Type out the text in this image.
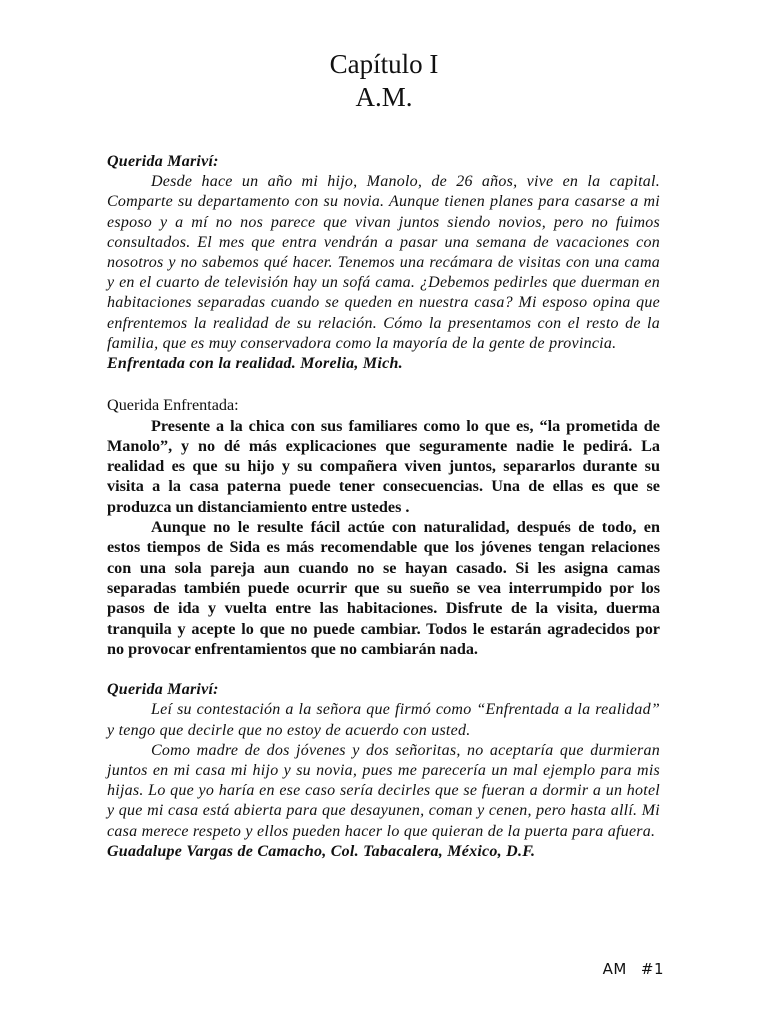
Capítulo I
A.M.
Querida Mariví:

Desde hace un año mi hijo, Manolo, de 26 años, vive en la capital. Comparte su departamento con su novia. Aunque tienen planes para casarse a mi esposo y a mí no nos parece que vivan juntos siendo novios, pero no fuimos consultados. El mes que entra vendrán a pasar una semana de vacaciones con nosotros y no sabemos qué hacer. Tenemos una recámara de visitas con una cama y en el cuarto de televisión hay un sofá cama. ¿Debemos pedirles que duerman en habitaciones separadas cuando se queden en nuestra casa? Mi esposo opina que enfrentemos la realidad de su relación. Cómo la presentamos con el resto de la familia, que es muy conservadora como la mayoría de la gente de provincia.

Enfrentada con la realidad. Morelia, Mich.
Querida Enfrentada:

Presente a la chica con sus familiares como lo que es, “la prometida de Manolo”, y no dé más explicaciones que seguramente nadie le pedirá. La realidad es que su hijo y su compañera viven juntos, separarlos durante su visita a la casa paterna puede tener consecuencias. Una de ellas es que se produzca un distanciamiento entre ustedes .

Aunque no le resulte fácil actúe con naturalidad, después de todo, en estos tiempos de Sida es más recomendable que los jóvenes tengan relaciones con una sola pareja aun cuando no se hayan casado. Si les asigna camas separadas también puede ocurrir que su sueño se vea interrumpido por los pasos de ida y vuelta entre las habitaciones. Disfrute de la visita, duerma tranquila y acepte lo que no puede cambiar. Todos le estarán agradecidos por no provocar enfrentamientos que no cambiarán nada.

Querida Mariví:

Leí su contestación a la señora que firmó como “Enfrentada a la realidad” y tengo que decirle que no estoy de acuerdo con usted.

Como madre de dos jóvenes y dos señoritas, no aceptaría que durmieran juntos en mi casa mi hijo y su novia, pues me parecería un mal ejemplo para mis hijas. Lo que yo haría en ese caso sería decirles que se fueran a dormir a un hotel y que mi casa está abierta para que desayunen, coman y cenen, pero hasta allí. Mi casa merece respeto y ellos pueden hacer lo que quieran de la puerta para afuera.

Guadalupe Vargas de Camacho, Col. Tabacalera, México, D.F.
AM #1
